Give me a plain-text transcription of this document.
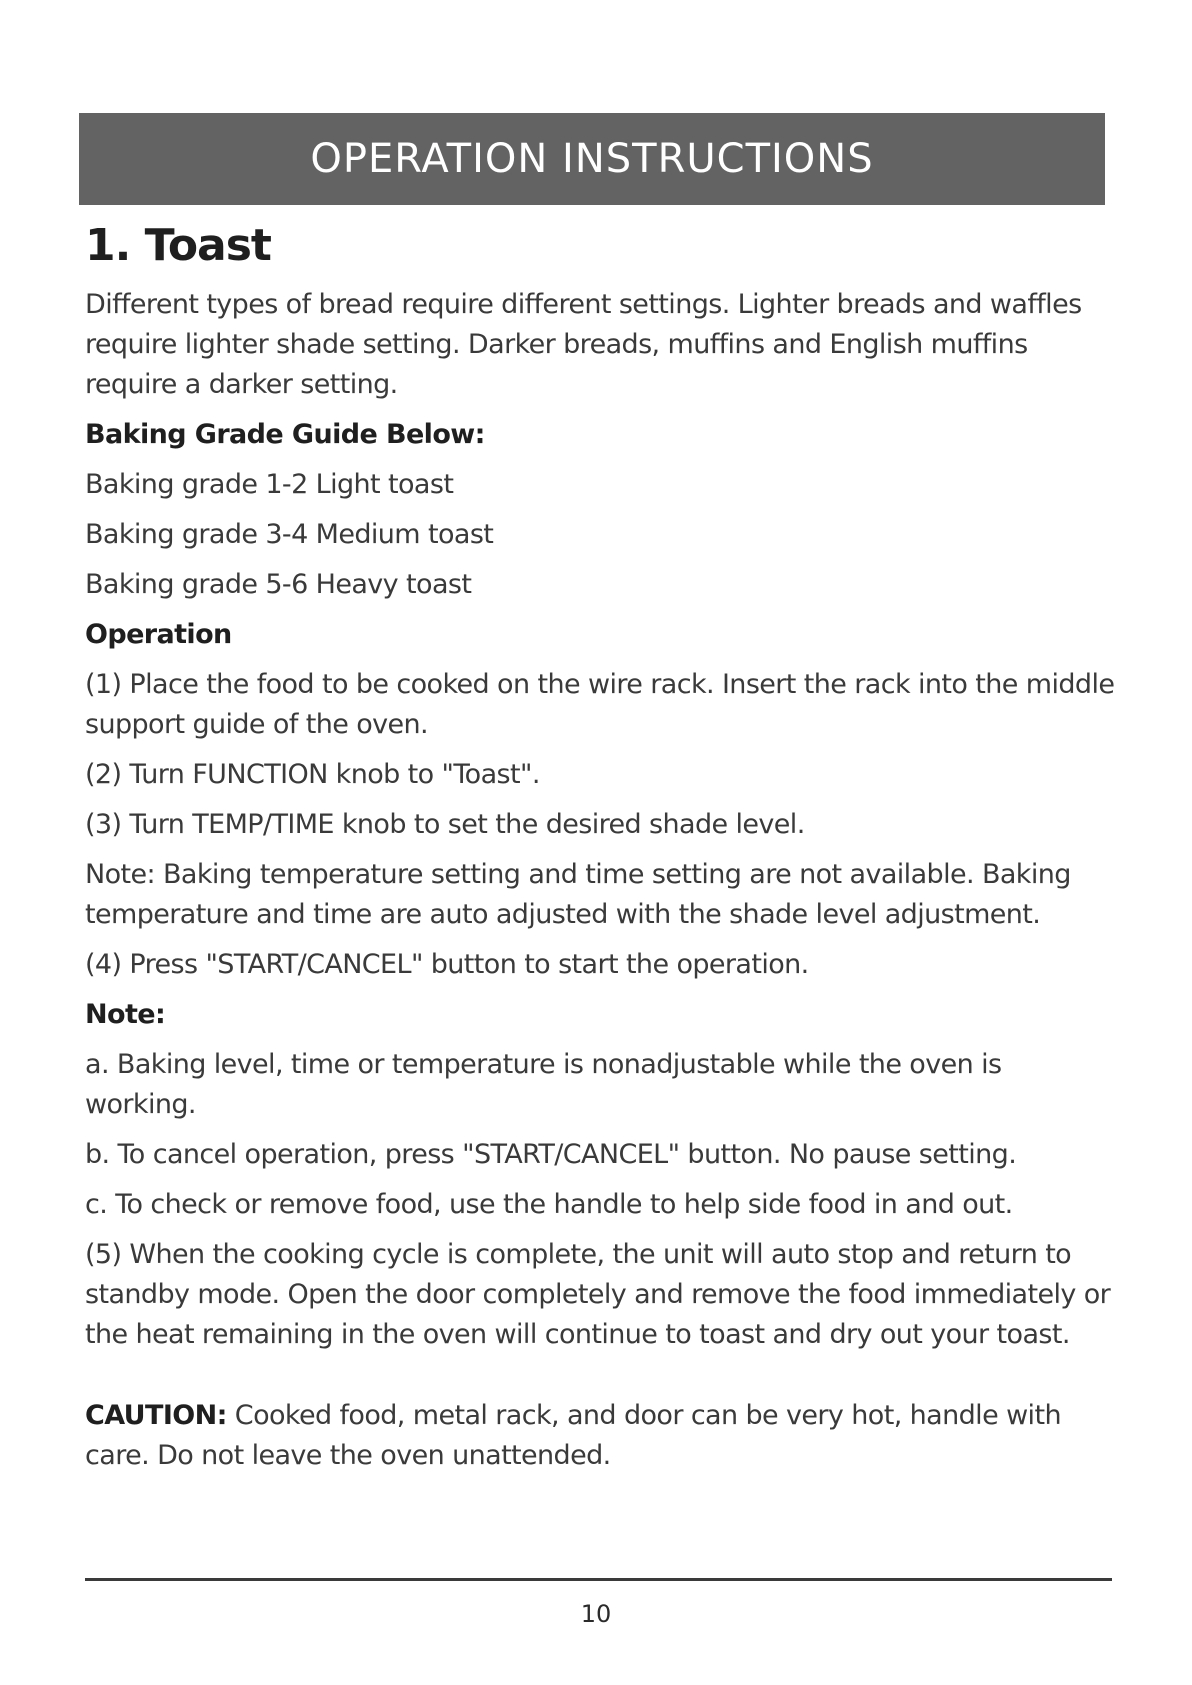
OPERATION INSTRUCTIONS
1. Toast

Different types of bread require different settings. Lighter breads and waffles require lighter shade setting. Darker breads, muffins and English muffins require a darker setting.

Baking Grade Guide Below:

Baking grade 1-2 Light toast

Baking grade 3-4 Medium toast

Baking grade 5-6 Heavy toast

Operation

(1) Place the food to be cooked on the wire rack. Insert the rack into the middle support guide of the oven.

(2) Turn FUNCTION knob to "Toast".

(3) Turn TEMP/TIME knob to set the desired shade level.

Note: Baking temperature setting and time setting are not available. Baking temperature and time are auto adjusted with the shade level adjustment.

(4) Press "START/CANCEL" button to start the operation.

Note:

a. Baking level, time or temperature is nonadjustable while the oven is working.

b. To cancel operation, press "START/CANCEL" button. No pause setting.

c. To check or remove food, use the handle to help side food in and out.

(5) When the cooking cycle is complete, the unit will auto stop and return to standby mode. Open the door completely and remove the food immediately or the heat remaining in the oven will continue to toast and dry out your toast.

CAUTION: Cooked food, metal rack, and door can be very hot, handle with care. Do not leave the oven unattended.

10
